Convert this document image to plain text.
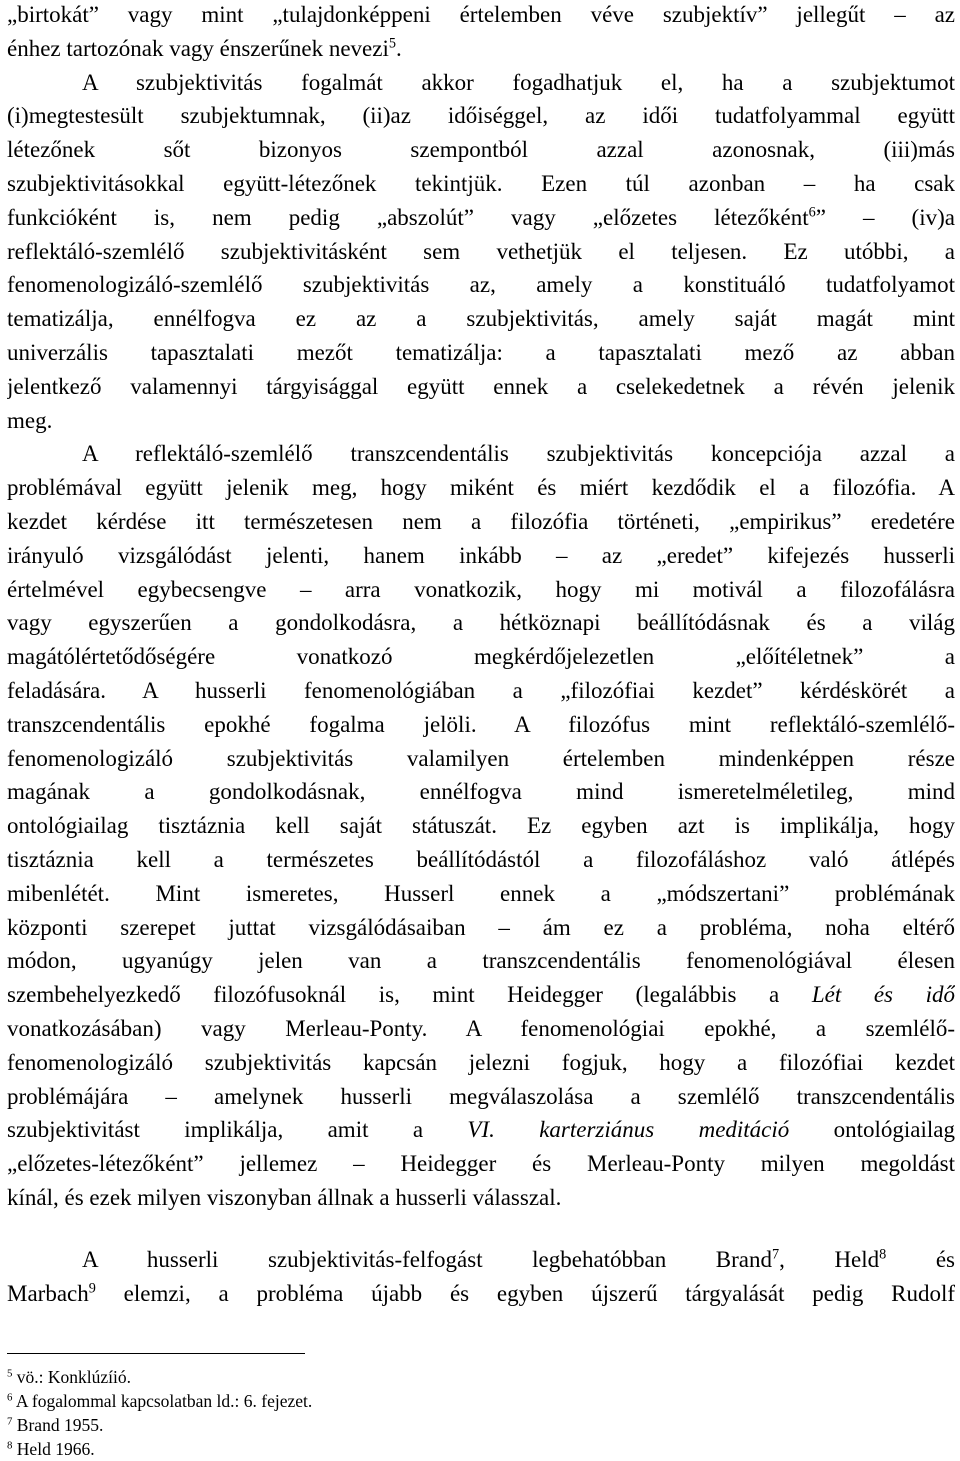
„birtokát” vagy mint „tulajdonképpeni értelemben véve szubjektív” jellegűt – az
énhez tartozónak vagy énszerűnek nevezi$^5$.
A szubjektivitás fogalmát akkor fogadhatjuk el, ha a szubjektumot
(i)megtestesült szubjektumnak, (ii)az időiséggel, az idői tudatfolyammal együtt
létezőnek sőt bizonyos szempontból azzal azonosnak, (iii)más
szubjektivitásokkal együtt-létezőnek tekintjük. Ezen túl azonban – ha csak
funkcióként is, nem pedig „abszolút” vagy „előzetes létezőként$^6$” – (iv)a
reflektáló-szemlélő szubjektivitásként sem vethetjük el teljesen. Ez utóbbi, a
fenomenologizáló-szemlélő szubjektivitás az, amely a konstituáló tudatfolyamot
tematizálja, ennélfogva ez az a szubjektivitás, amely saját magát mint
univerzális tapasztalati mezőt tematizálja: a tapasztalati mező az abban
jelentkező valamennyi tárgyisággal együtt ennek a cselekedetnek a révén jelenik
meg.
A reflektáló-szemlélő transzcendentális szubjektivitás koncepciója azzal a
problémával együtt jelenik meg, hogy miként és miért kezdődik el a filozófia. A
kezdet kérdése itt természetesen nem a filozófia történeti, „empirikus” eredetére
irányuló vizsgálódást jelenti, hanem inkább – az „eredet” kifejezés husserli
értelmével egybecsengve – arra vonatkozik, hogy mi motivál a filozofálásra
vagy egyszerűen a gondolkodásra, a hétköznapi beállítódásnak és a világ
magátólértetődőségére vonatkozó megkérdőjelezetlen „előítéletnek” a
feladására. A husserli fenomenológiában a „filozófiai kezdet” kérdéskörét a
transzcendentális epokhé fogalma jelöli. A filozófus mint reflektáló-szemlélő-
fenomenologizáló szubjektivitás valamilyen értelemben mindenképpen része
magának a gondolkodásnak, ennélfogva mind ismeretelméletileg, mind
ontológiailag tisztáznia kell saját státuszát. Ez egyben azt is implikálja, hogy
tisztáznia kell a természetes beállítódástól a filozofáláshoz való átlépés
mibenlétét. Mint ismeretes, Husserl ennek a „módszertani” problémának
központi szerepet juttat vizsgálódásaiban – ám ez a probléma, noha eltérő
módon, ugyanúgy jelen van a transzcendentális fenomenológiával élesen
szembehelyezkedő filozófusoknál is, mint Heidegger (legalábbis a Lét és idő
vonatkozásában) vagy Merleau-Ponty. A fenomenológiai epokhé, a szemlélő-
fenomenologizáló szubjektivitás kapcsán jelezni fogjuk, hogy a filozófiai kezdet
problémájára – amelynek husserli megválaszolása a szemlélő transzcendentális
szubjektivitást implikálja, amit a VI. karterziánus meditáció ontológiailag
„előzetes-létezőként” jellemez – Heidegger és Merleau-Ponty milyen megoldást
kínál, és ezek milyen viszonyban állnak a husserli válasszal.
A husserli szubjektivitás-felfogást legbehatóbban Brand$^7$, Held$^8$ és
Marbach$^9$ elemzi, a probléma újabb és egyben újszerű tárgyalását pedig Rudolf
$^5$ vö.: Konklúzíió.
$^6$ A fogalommal kapcsolatban ld.: 6. fejezet.
$^7$ Brand 1955.
$^8$ Held 1966.
